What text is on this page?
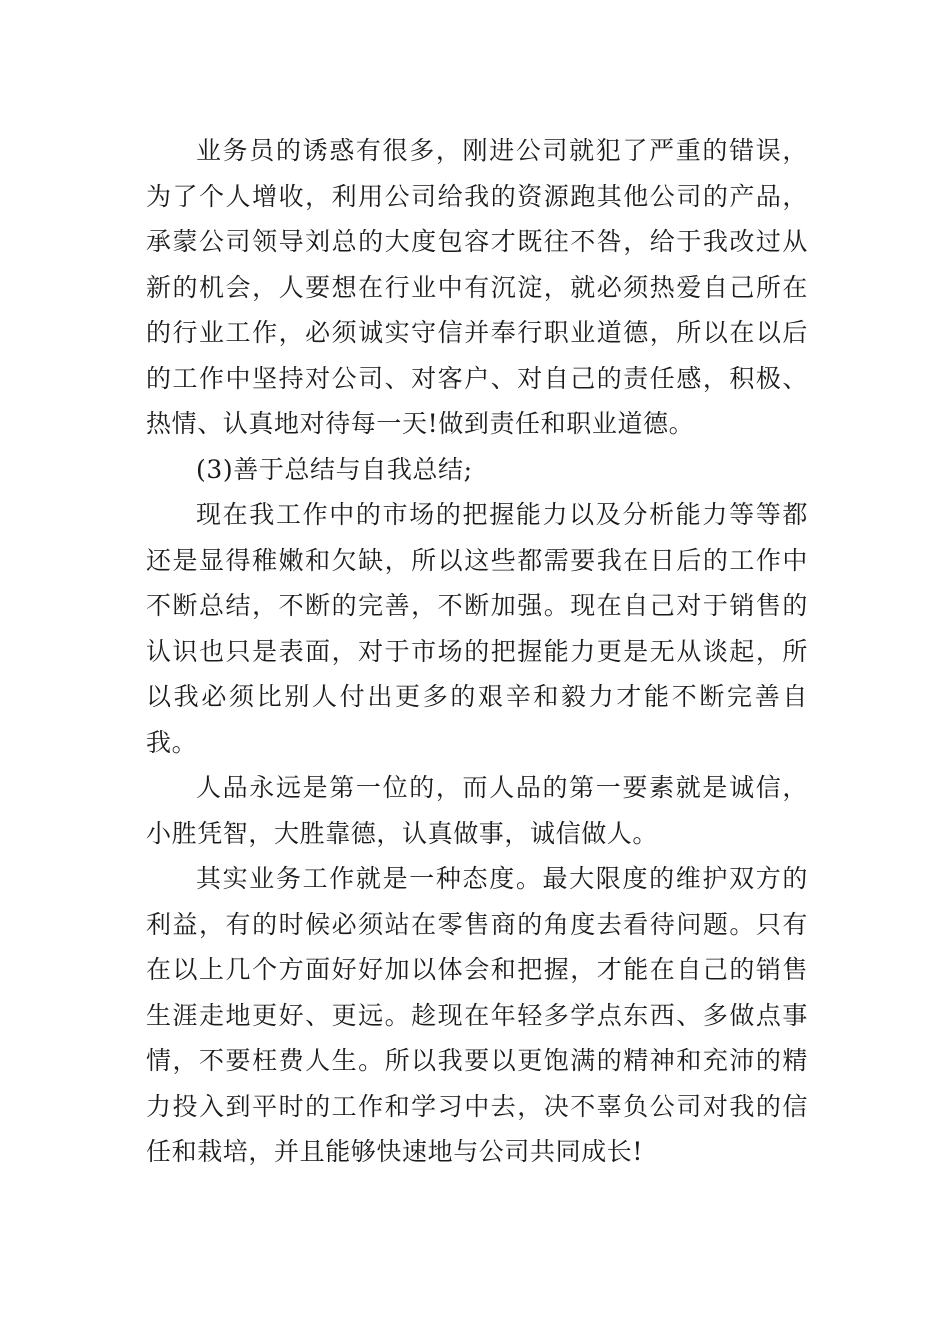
业务员的诱惑有很多，刚进公司就犯了严重的错误，为了个人增收，利用公司给我的资源跑其他公司的产品，承蒙公司领导刘总的大度包容才既往不咎，给于我改过从新的机会，人要想在行业中有沉淀，就必须热爱自己所在的行业工作，必须诚实守信并奉行职业道德，所以在以后的工作中坚持对公司、对客户、对自己的责任感，积极、热情、认真地对待每一天!做到责任和职业道德。

(3)善于总结与自我总结;

现在我工作中的市场的把握能力以及分析能力等等都还是显得稚嫩和欠缺，所以这些都需要我在日后的工作中不断总结，不断的完善，不断加强。现在自己对于销售的认识也只是表面，对于市场的把握能力更是无从谈起，所以我必须比别人付出更多的艰辛和毅力才能不断完善自我。

人品永远是第一位的，而人品的第一要素就是诚信，小胜凭智，大胜靠德，认真做事，诚信做人。

其实业务工作就是一种态度。最大限度的维护双方的利益，有的时候必须站在零售商的角度去看待问题。只有在以上几个方面好好加以体会和把握，才能在自己的销售生涯走地更好、更远。趁现在年轻多学点东西、多做点事情，不要枉费人生。所以我要以更饱满的精神和充沛的精力投入到平时的工作和学习中去，决不辜负公司对我的信任和栽培，并且能够快速地与公司共同成长!
